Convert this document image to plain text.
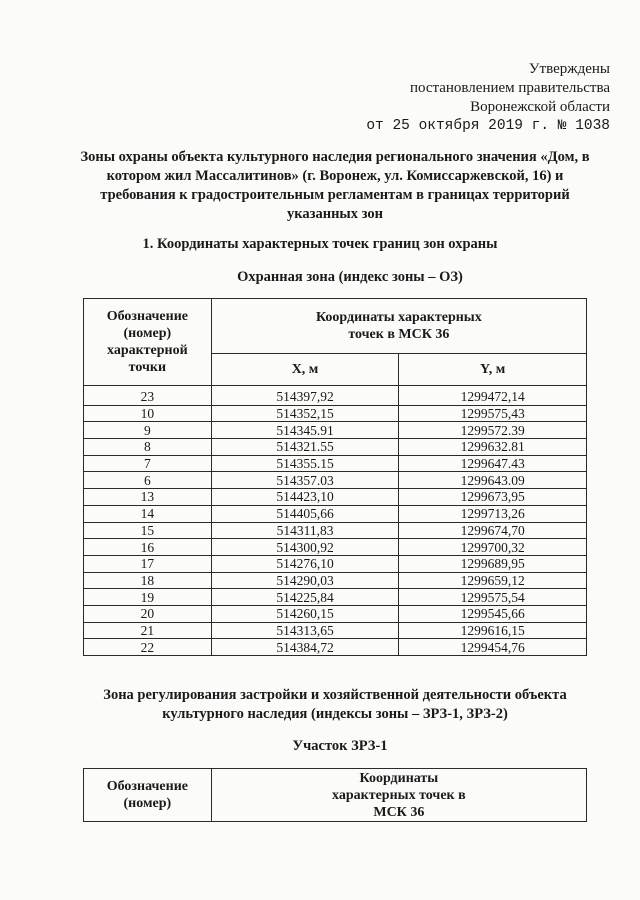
Утверждены
постановлением правительства
Воронежской области
от 25 октября 2019 г. № 1038
Зоны охраны объекта культурного наследия регионального значения «Дом, в котором жил Массалитинов» (г. Воронеж, ул. Комиссаржевской, 16) и требования к градостроительным регламентам в границах территорий указанных зон
1. Координаты характерных точек границ зон охраны
Охранная зона (индекс зоны – ОЗ)
Обозначение (номер) характерной точки	Координаты характерных точек в МСК 36	
	X, м	Y, м
23	514397,92	1299472,14
10	514352,15	1299575,43
9	514345.91	1299572.39
8	514321.55	1299632.81
7	514355.15	1299647.43
6	514357.03	1299643.09
13	514423,10	1299673,95
14	514405,66	1299713,26
15	514311,83	1299674,70
16	514300,92	1299700,32
17	514276,10	1299689,95
18	514290,03	1299659,12
19	514225,84	1299575,54
20	514260,15	1299545,66
21	514313,65	1299616,15
22	514384,72	1299454,76
Зона регулирования застройки и хозяйственной деятельности объекта культурного наследия (индексы зоны – ЗРЗ-1, ЗРЗ-2)
Участок ЗРЗ-1
Обозначение (номер)	Координаты характерных точек в МСК 36
